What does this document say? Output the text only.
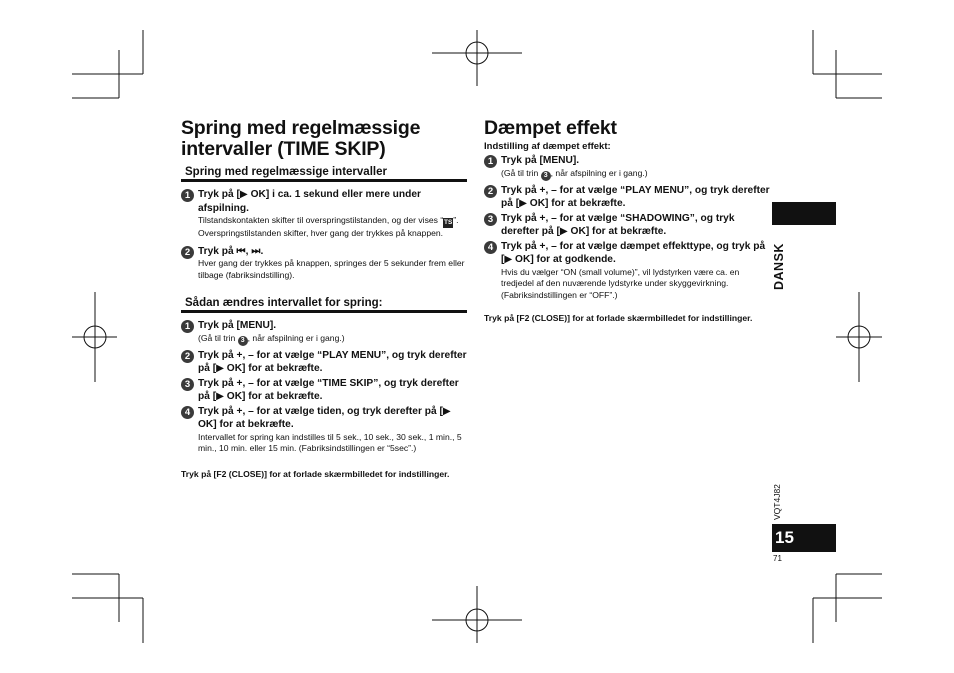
Spring med regelmæssige
intervaller (TIME SKIP)
Spring med regelmæssige intervaller
1 Tryk på [▶ OK] i ca. 1 sekund eller mere under afspilning.
Tilstandskontakten skifter til overspringstilstanden, og der vises “TS”. Overspringstilstanden skifter, hver gang der trykkes på knappen.
2 Tryk på ⏮, ⏭.
Hver gang der trykkes på knappen, springes der 5 sekunder frem eller tilbage (fabriksindstilling).
Sådan ændres intervallet for spring:
1 Tryk på [MENU].
(Gå til trin 3 , når afspilning er i gang.)
2 Tryk på +, – for at vælge “PLAY MENU”, og tryk derefter på [▶ OK] for at bekræfte.
3 Tryk på +, – for at vælge “TIME SKIP”, og tryk derefter på [▶ OK] for at bekræfte.
4 Tryk på +, – for at vælge tiden, og tryk derefter på [▶ OK] for at bekræfte.
Intervallet for spring kan indstilles til 5 sek., 10 sek., 30 sek., 1 min., 5 min., 10 min. eller 15 min. (Fabriksindstillingen er “5sec”.)
Tryk på [F2 (CLOSE)] for at forlade skærmbilledet for indstillinger.
Dæmpet effekt
Indstilling af dæmpet effekt:
1 Tryk på [MENU].
(Gå til trin 3 , når afspilning er i gang.)
2 Tryk på +, – for at vælge “PLAY MENU”, og tryk derefter på [▶ OK] for at bekræfte.
3 Tryk på +, – for at vælge “SHADOWING”, og tryk derefter på [▶ OK] for at bekræfte.
4 Tryk på +, – for at vælge dæmpet effekttype, og tryk på [▶ OK] for at godkende.
Hvis du vælger “ON (small volume)”, vil lydstyrken være ca. en tredjedel af den nuværende lydstyrke under skyggevirkning. (Fabriksindstillingen er “OFF”.)
Tryk på [F2 (CLOSE)] for at forlade skærmbilledet for indstillinger.
DANSK
VQT4J82
15
71
